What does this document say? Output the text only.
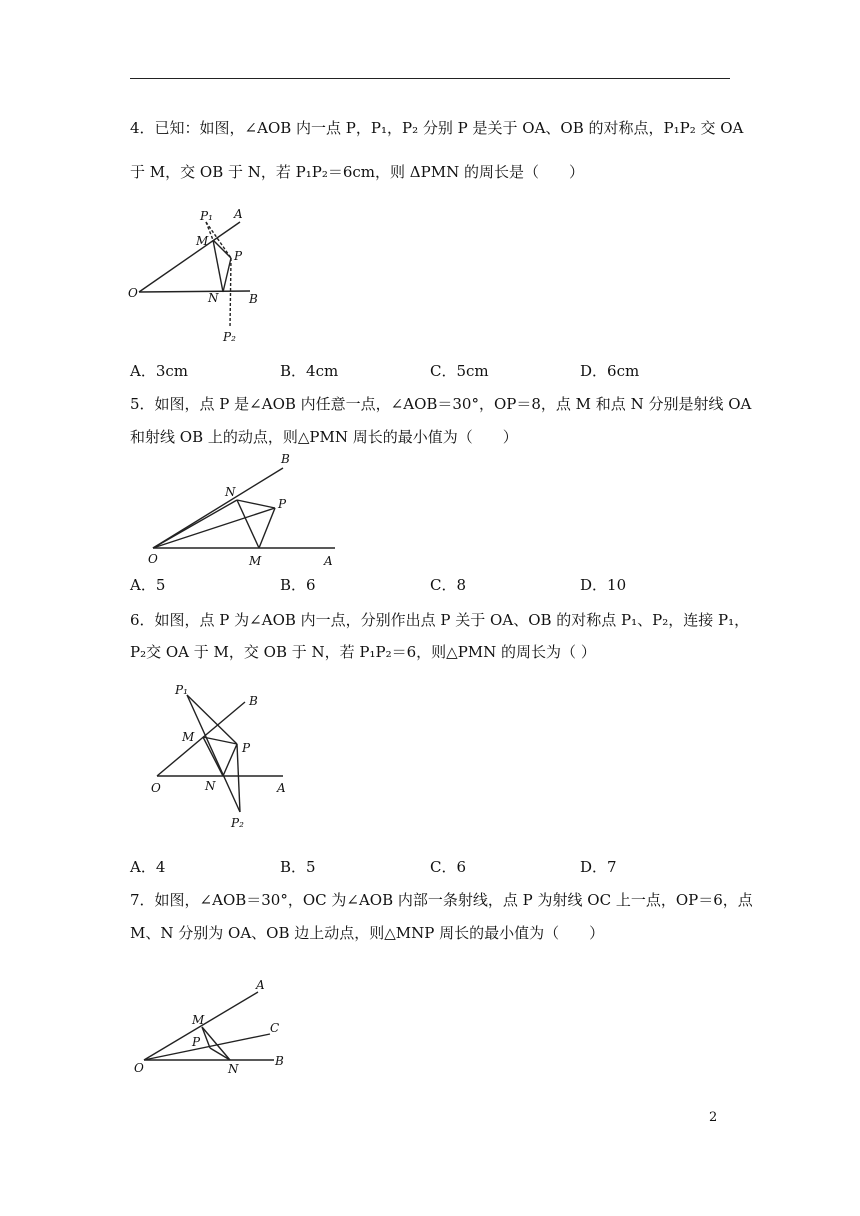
4．已知：如图，∠AOB 内一点 P，P₁，P₂ 分别 P 是关于 OA、OB 的对称点，P₁P₂ 交 OA
于 M，交 OB 于 N，若 P₁P₂＝6cm，则 ΔPMN 的周长是（　　）
P₁ A
M
P
O	N	B
P₂
A．3cm	B．4cm	C．5cm	D．6cm
5．如图，点 P 是∠AOB 内任意一点，∠AOB＝30°，OP＝8，点 M 和点 N 分别是射线 OA
和射线 OB 上的动点，则△PMN 周长的最小值为（　　）
B
N
P
O	M	A
A．5	B．6	C．8	D．10
6．如图，点 P 为∠AOB 内一点，分别作出点 P 关于 OA、OB 的对称点 P₁、P₂，连接 P₁，
P₂交 OA 于 M，交 OB 于 N，若 P₁P₂＝6，则△PMN 的周长为（ ）
P₁
B
M
P
O	N	A
P₂
A．4	B．5	C．6	D．7
7．如图，∠AOB＝30°，OC 为∠AOB 内部一条射线，点 P 为射线 OC 上一点，OP＝6，点
M、N 分别为 OA、OB 边上动点，则△MNP 周长的最小值为（　　）
A
M
C
P
O	N
B
2
